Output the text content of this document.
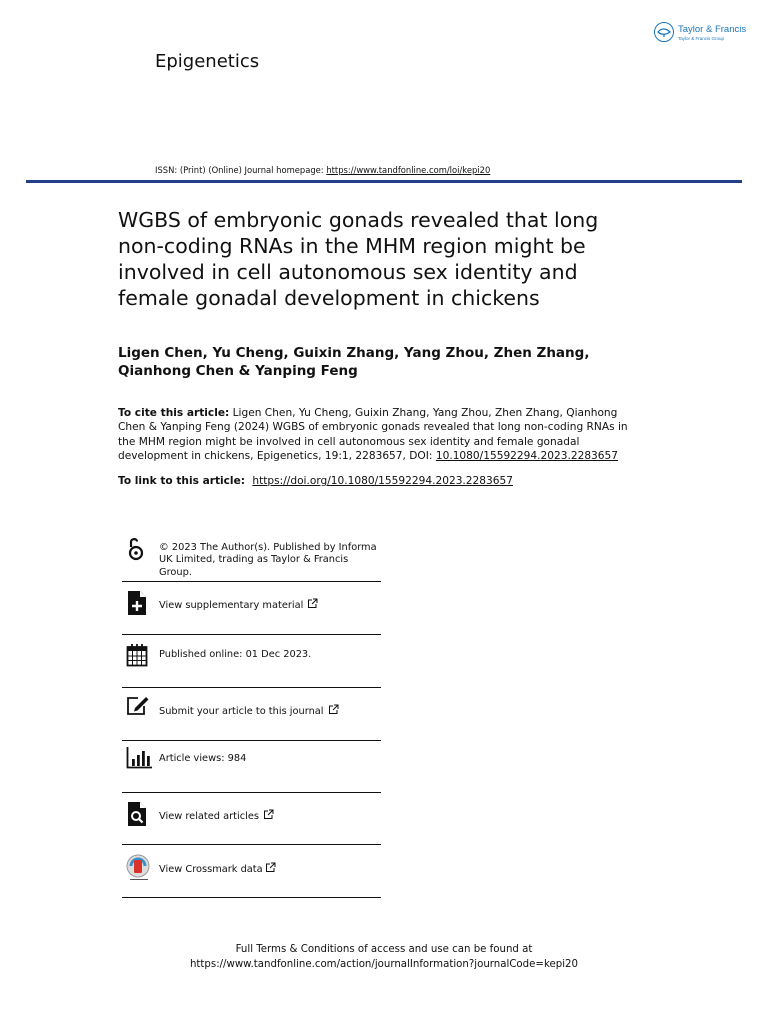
Taylor & Francis
Taylor & Francis Group
Epigenetics
ISSN: (Print) (Online) Journal homepage: https://www.tandfonline.com/loi/kepi20
WGBS of embryonic gonads revealed that long non-coding RNAs in the MHM region might be involved in cell autonomous sex identity and female gonadal development in chickens
Ligen Chen, Yu Cheng, Guixin Zhang, Yang Zhou, Zhen Zhang, Qianhong Chen & Yanping Feng
To cite this article: Ligen Chen, Yu Cheng, Guixin Zhang, Yang Zhou, Zhen Zhang, Qianhong Chen & Yanping Feng (2024) WGBS of embryonic gonads revealed that long non-coding RNAs in the MHM region might be involved in cell autonomous sex identity and female gonadal development in chickens, Epigenetics, 19:1, 2283657, DOI: 10.1080/15592294.2023.2283657
To link to this article: https://doi.org/10.1080/15592294.2023.2283657
© 2023 The Author(s). Published by Informa UK Limited, trading as Taylor & Francis Group.
View supplementary material
Published online: 01 Dec 2023.
Submit your article to this journal
Article views: 984
View related articles
View Crossmark data
Full Terms & Conditions of access and use can be found at
https://www.tandfonline.com/action/journalInformation?journalCode=kepi20
